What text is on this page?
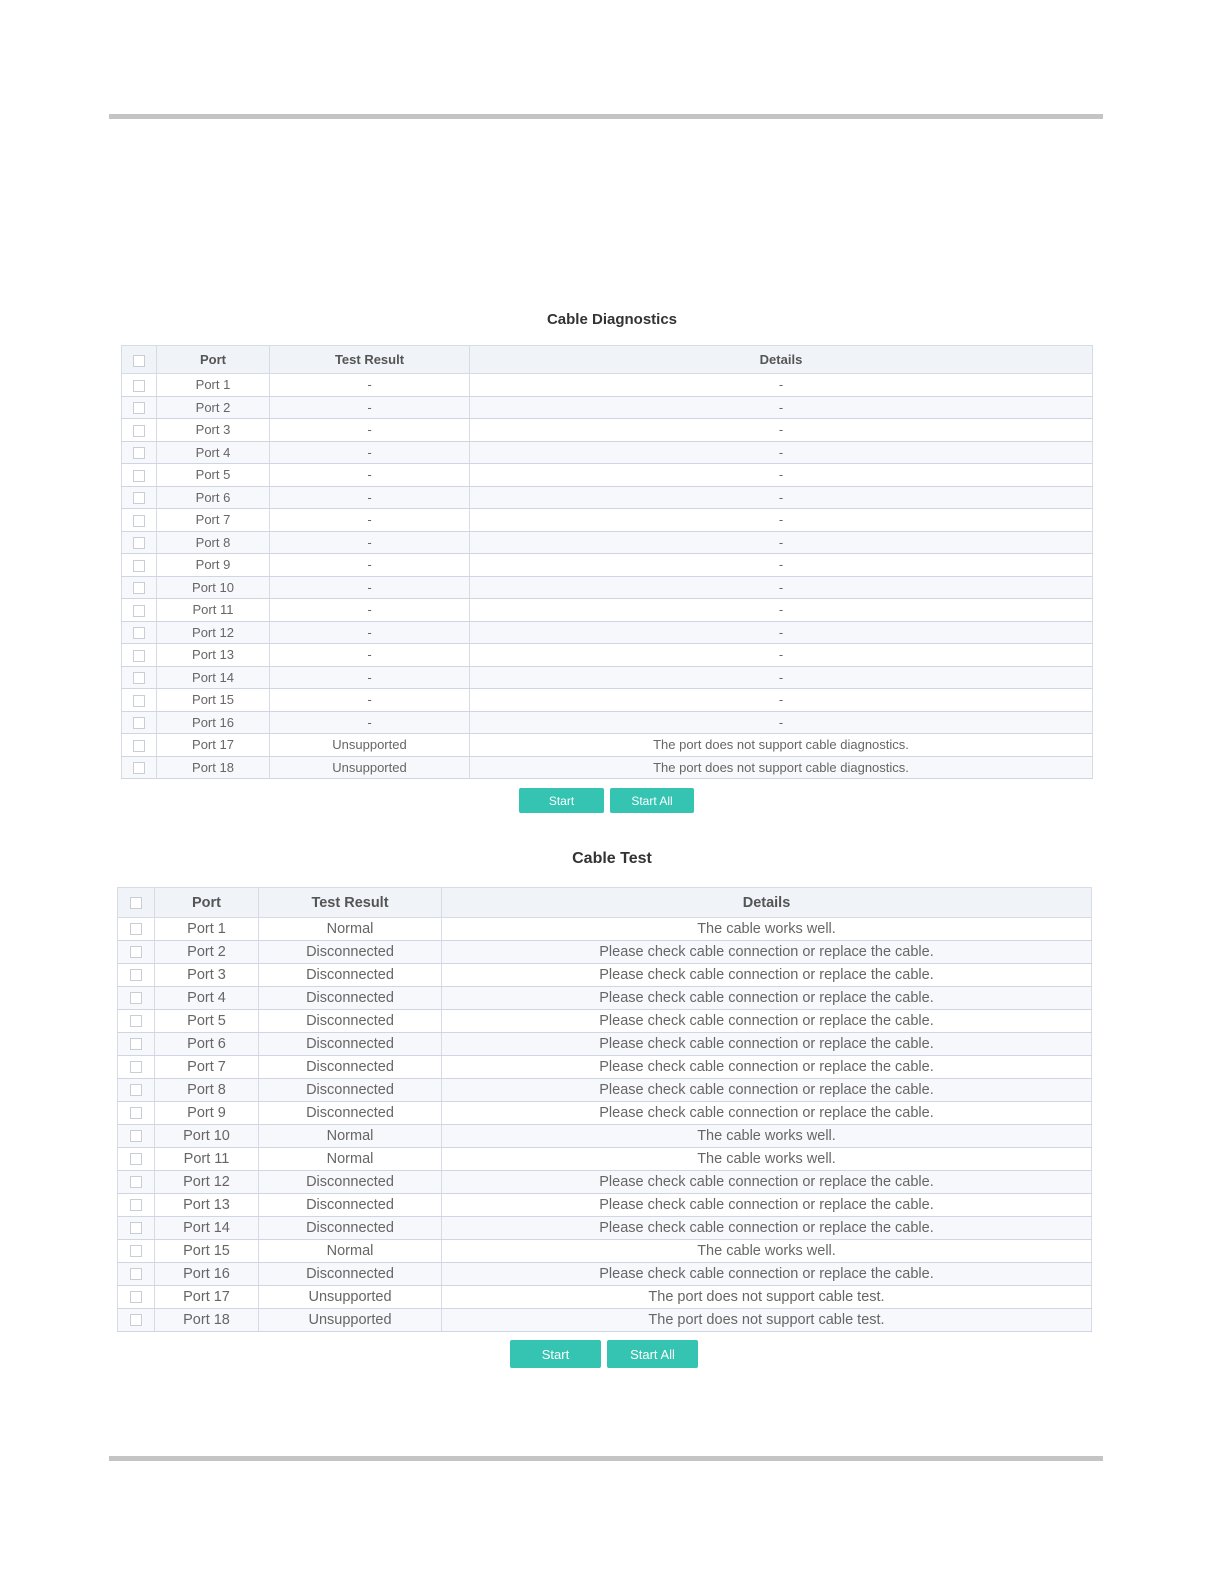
Cable Diagnostics
	Port	Test Result	Details
	Port 1	-	-
	Port 2	-	-
	Port 3	-	-
	Port 4	-	-
	Port 5	-	-
	Port 6	-	-
	Port 7	-	-
	Port 8	-	-
	Port 9	-	-
	Port 10	-	-
	Port 11	-	-
	Port 12	-	-
	Port 13	-	-
	Port 14	-	-
	Port 15	-	-
	Port 16	-	-
	Port 17	Unsupported	The port does not support cable diagnostics.
	Port 18	Unsupported	The port does not support cable diagnostics.
Start	Start All
Cable Test
	Port	Test Result	Details
	Port 1	Normal	The cable works well.
	Port 2	Disconnected	Please check cable connection or replace the cable.
	Port 3	Disconnected	Please check cable connection or replace the cable.
	Port 4	Disconnected	Please check cable connection or replace the cable.
	Port 5	Disconnected	Please check cable connection or replace the cable.
	Port 6	Disconnected	Please check cable connection or replace the cable.
	Port 7	Disconnected	Please check cable connection or replace the cable.
	Port 8	Disconnected	Please check cable connection or replace the cable.
	Port 9	Disconnected	Please check cable connection or replace the cable.
	Port 10	Normal	The cable works well.
	Port 11	Normal	The cable works well.
	Port 12	Disconnected	Please check cable connection or replace the cable.
	Port 13	Disconnected	Please check cable connection or replace the cable.
	Port 14	Disconnected	Please check cable connection or replace the cable.
	Port 15	Normal	The cable works well.
	Port 16	Disconnected	Please check cable connection or replace the cable.
	Port 17	Unsupported	The port does not support cable test.
	Port 18	Unsupported	The port does not support cable test.
Start	Start All
